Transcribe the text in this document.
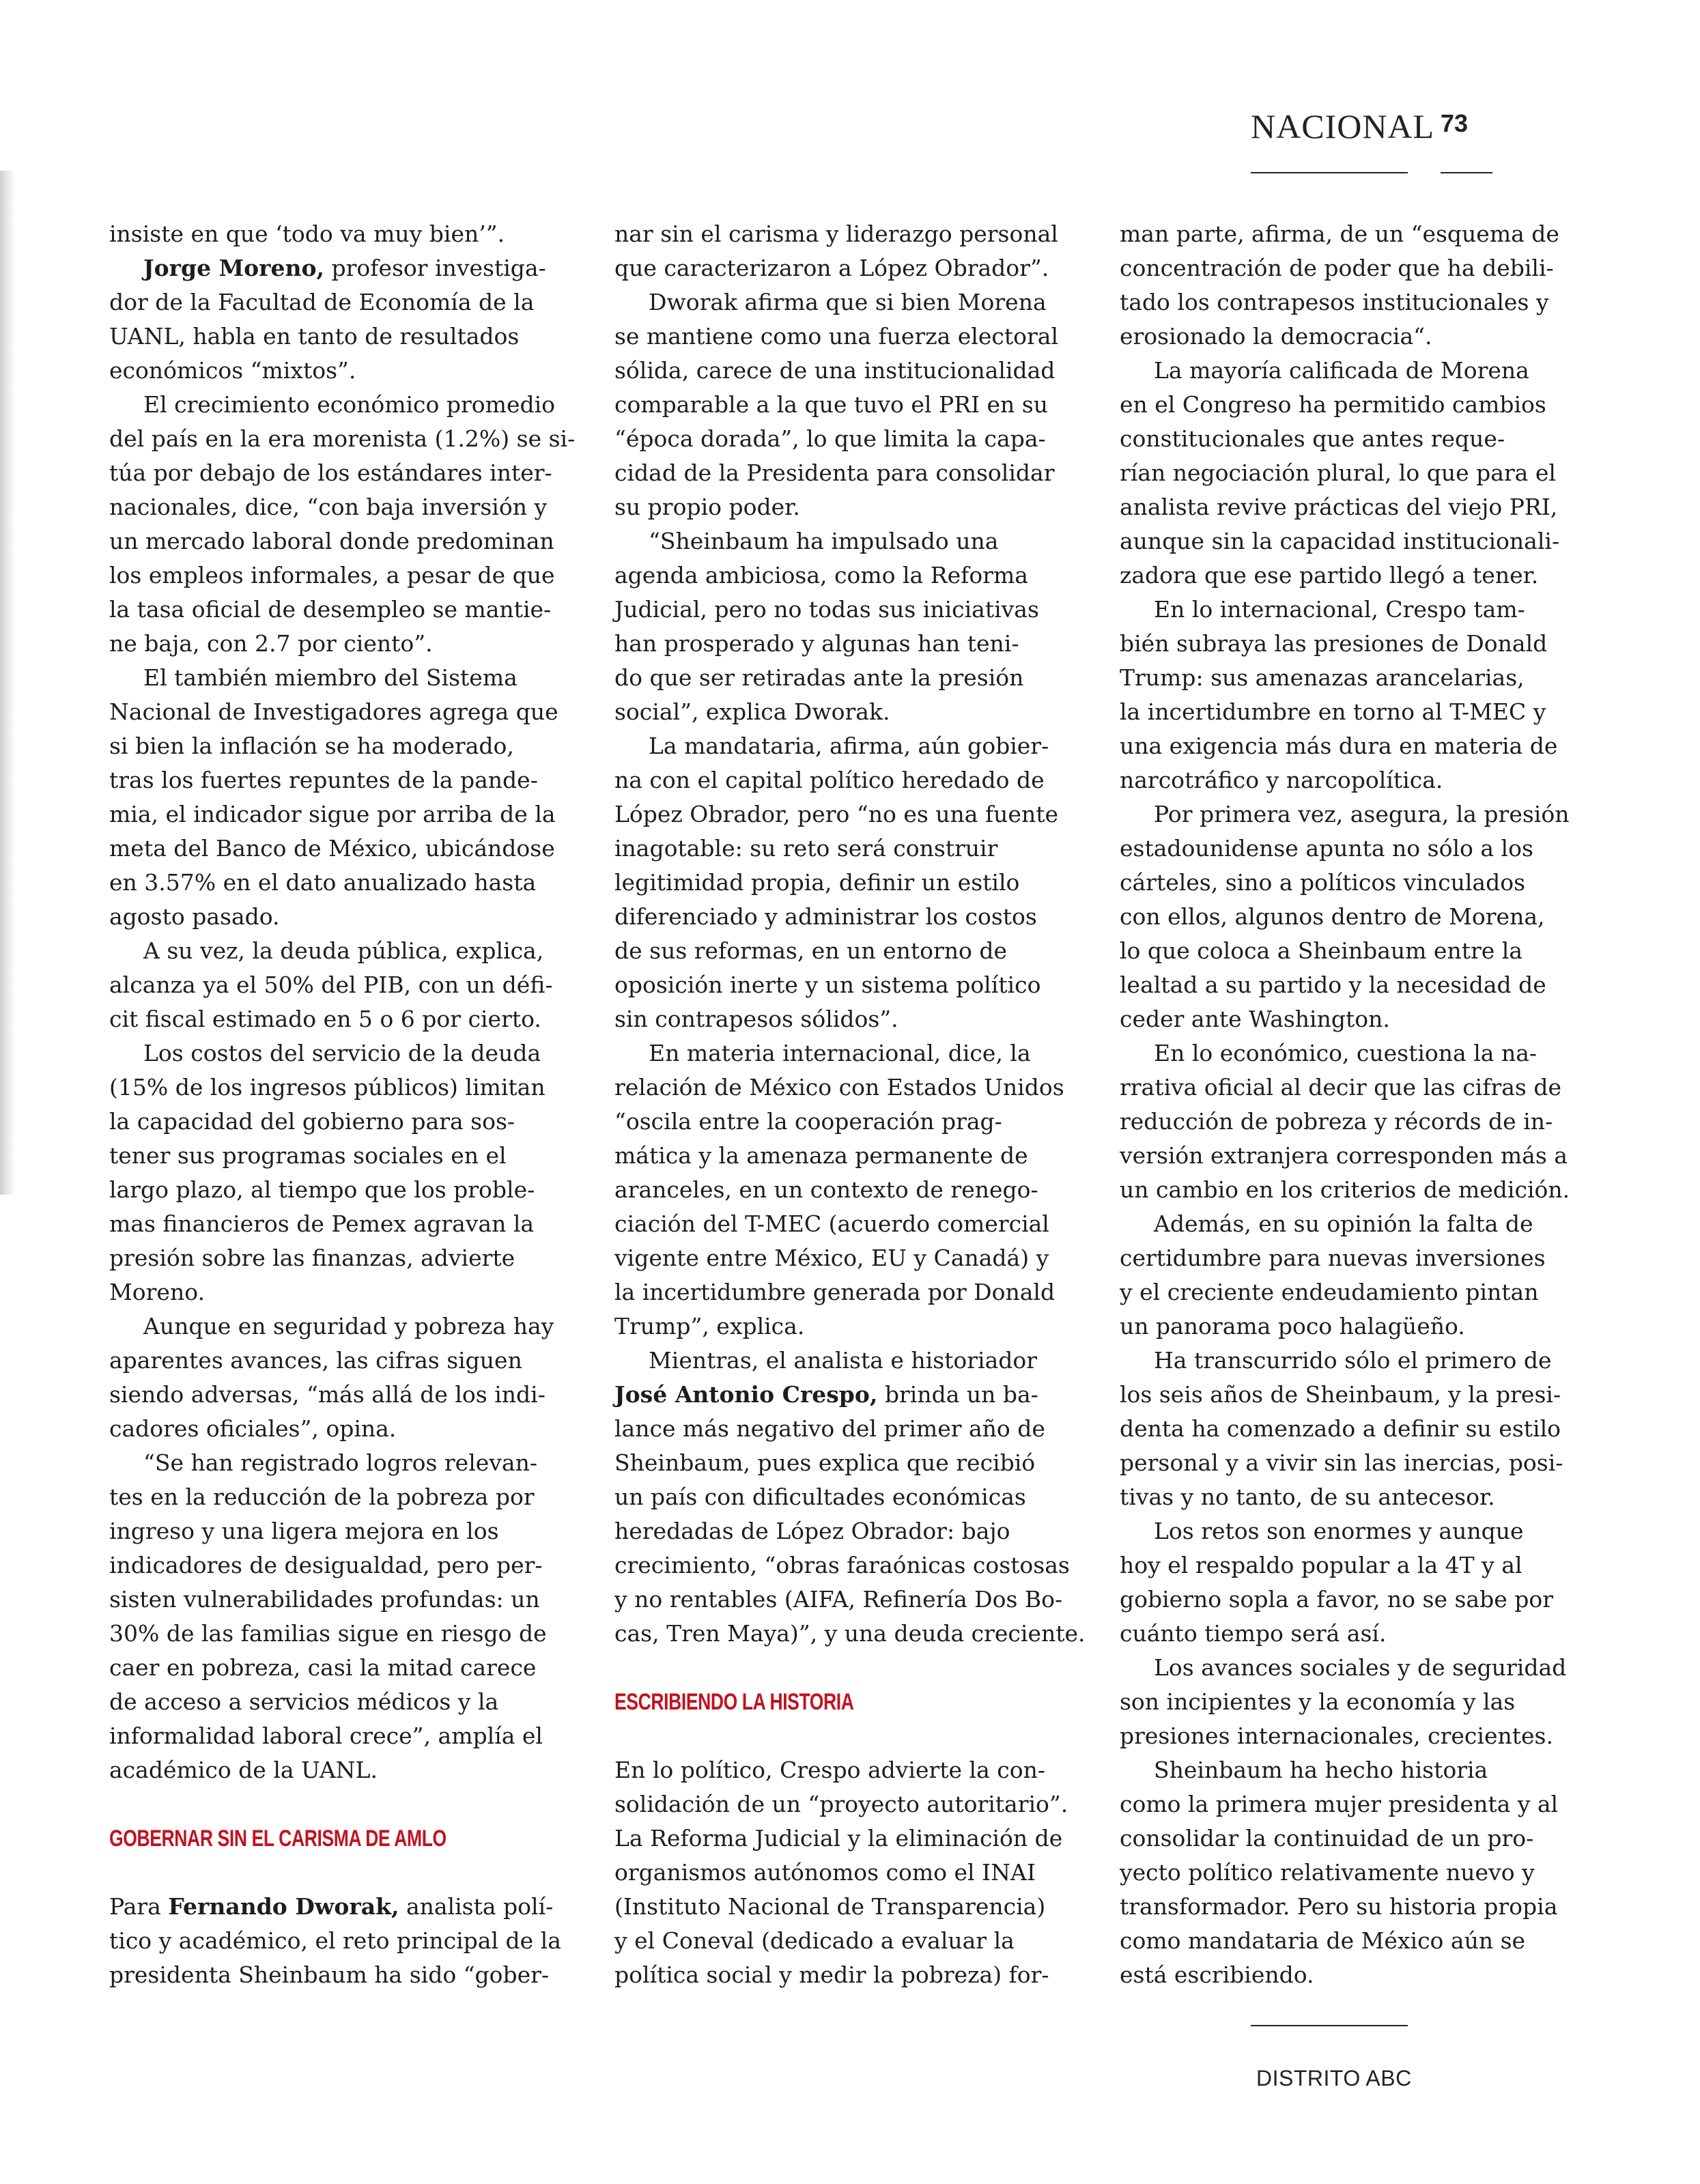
NACIONAL 73
insiste en que ‘todo va muy bien’”.
Jorge Moreno, profesor investiga-
dor de la Facultad de Economía de la
UANL, habla en tanto de resultados
económicos “mixtos”.
El crecimiento económico promedio
del país en la era morenista (1.2%) se si-
túa por debajo de los estándares inter-
nacionales, dice, “con baja inversión y
un mercado laboral donde predominan
los empleos informales, a pesar de que
la tasa oficial de desempleo se mantie-
ne baja, con 2.7 por ciento”.
El también miembro del Sistema
Nacional de Investigadores agrega que
si bien la inflación se ha moderado,
tras los fuertes repuntes de la pande-
mia, el indicador sigue por arriba de la
meta del Banco de México, ubicándose
en 3.57% en el dato anualizado hasta
agosto pasado.
A su vez, la deuda pública, explica,
alcanza ya el 50% del PIB, con un défi-
cit fiscal estimado en 5 o 6 por cierto.
Los costos del servicio de la deuda
(15% de los ingresos públicos) limitan
la capacidad del gobierno para sos-
tener sus programas sociales en el
largo plazo, al tiempo que los proble-
mas financieros de Pemex agravan la
presión sobre las finanzas, advierte
Moreno.
Aunque en seguridad y pobreza hay
aparentes avances, las cifras siguen
siendo adversas, “más allá de los indi-
cadores oficiales”, opina.
“Se han registrado logros relevan-
tes en la reducción de la pobreza por
ingreso y una ligera mejora en los
indicadores de desigualdad, pero per-
sisten vulnerabilidades profundas: un
30% de las familias sigue en riesgo de
caer en pobreza, casi la mitad carece
de acceso a servicios médicos y la
informalidad laboral crece”, amplía el
académico de la UANL.

GOBERNAR SIN EL CARISMA DE AMLO

Para Fernando Dworak, analista polí-
tico y académico, el reto principal de la
presidenta Sheinbaum ha sido “gober-
nar sin el carisma y liderazgo personal
que caracterizaron a López Obrador”.
Dworak afirma que si bien Morena
se mantiene como una fuerza electoral
sólida, carece de una institucionalidad
comparable a la que tuvo el PRI en su
“época dorada”, lo que limita la capa-
cidad de la Presidenta para consolidar
su propio poder.
“Sheinbaum ha impulsado una
agenda ambiciosa, como la Reforma
Judicial, pero no todas sus iniciativas
han prosperado y algunas han teni-
do que ser retiradas ante la presión
social”, explica Dworak.
La mandataria, afirma, aún gobier-
na con el capital político heredado de
López Obrador, pero “no es una fuente
inagotable: su reto será construir
legitimidad propia, definir un estilo
diferenciado y administrar los costos
de sus reformas, en un entorno de
oposición inerte y un sistema político
sin contrapesos sólidos”.
En materia internacional, dice, la
relación de México con Estados Unidos
“oscila entre la cooperación prag-
mática y la amenaza permanente de
aranceles, en un contexto de renego-
ciación del T-MEC (acuerdo comercial
vigente entre México, EU y Canadá) y
la incertidumbre generada por Donald
Trump”, explica.
Mientras, el analista e historiador
José Antonio Crespo, brinda un ba-
lance más negativo del primer año de
Sheinbaum, pues explica que recibió
un país con dificultades económicas
heredadas de López Obrador: bajo
crecimiento, “obras faraónicas costosas
y no rentables (AIFA, Refinería Dos Bo-
cas, Tren Maya)”, y una deuda creciente.

ESCRIBIENDO LA HISTORIA

En lo político, Crespo advierte la con-
solidación de un “proyecto autoritario”.
La Reforma Judicial y la eliminación de
organismos autónomos como el INAI
(Instituto Nacional de Transparencia)
y el Coneval (dedicado a evaluar la
política social y medir la pobreza) for-
man parte, afirma, de un “esquema de
concentración de poder que ha debili-
tado los contrapesos institucionales y
erosionado la democracia“.
La mayoría calificada de Morena
en el Congreso ha permitido cambios
constitucionales que antes reque-
rían negociación plural, lo que para el
analista revive prácticas del viejo PRI,
aunque sin la capacidad institucionali-
zadora que ese partido llegó a tener.
En lo internacional, Crespo tam-
bién subraya las presiones de Donald
Trump: sus amenazas arancelarias,
la incertidumbre en torno al T-MEC y
una exigencia más dura en materia de
narcotráfico y narcopolítica.
Por primera vez, asegura, la presión
estadounidense apunta no sólo a los
cárteles, sino a políticos vinculados
con ellos, algunos dentro de Morena,
lo que coloca a Sheinbaum entre la
lealtad a su partido y la necesidad de
ceder ante Washington.
En lo económico, cuestiona la na-
rrativa oficial al decir que las cifras de
reducción de pobreza y récords de in-
versión extranjera corresponden más a
un cambio en los criterios de medición.
Además, en su opinión la falta de
certidumbre para nuevas inversiones
y el creciente endeudamiento pintan
un panorama poco halagüeño.
Ha transcurrido sólo el primero de
los seis años de Sheinbaum, y la presi-
denta ha comenzado a definir su estilo
personal y a vivir sin las inercias, posi-
tivas y no tanto, de su antecesor.
Los retos son enormes y aunque
hoy el respaldo popular a la 4T y al
gobierno sopla a favor, no se sabe por
cuánto tiempo será así.
Los avances sociales y de seguridad
son incipientes y la economía y las
presiones internacionales, crecientes.
Sheinbaum ha hecho historia
como la primera mujer presidenta y al
consolidar la continuidad de un pro-
yecto político relativamente nuevo y
transformador. Pero su historia propia
como mandataria de México aún se
está escribiendo.
DISTRITO ABC
